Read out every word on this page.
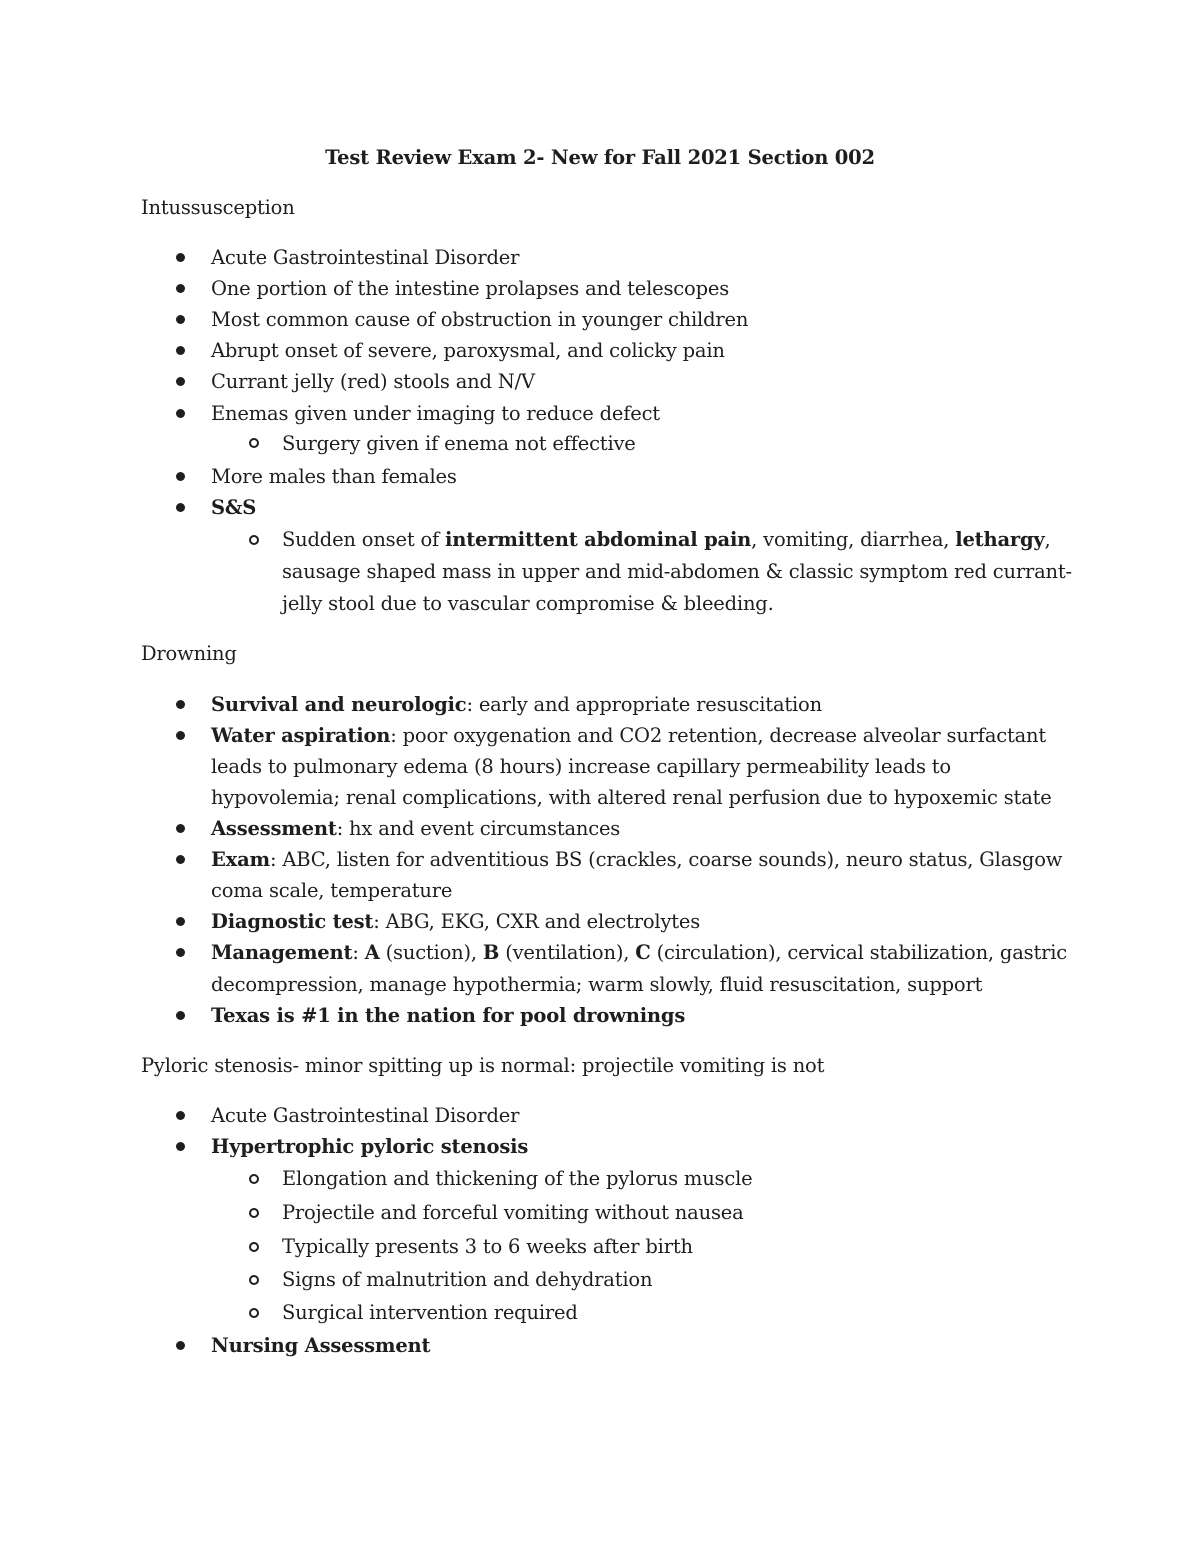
Test Review Exam 2- New for Fall 2021 Section 002
Intussusception
Acute Gastrointestinal Disorder
One portion of the intestine prolapses and telescopes
Most common cause of obstruction in younger children
Abrupt onset of severe, paroxysmal, and colicky pain
Currant jelly (red) stools and N/V
Enemas given under imaging to reduce defect
Surgery given if enema not effective
More males than females
S&S
Sudden onset of intermittent abdominal pain, vomiting, diarrhea, lethargy,
sausage shaped mass in upper and mid-abdomen & classic symptom red currant-
jelly stool due to vascular compromise & bleeding.
Drowning
Survival and neurologic: early and appropriate resuscitation
Water aspiration: poor oxygenation and CO2 retention, decrease alveolar surfactant
leads to pulmonary edema (8 hours) increase capillary permeability leads to
hypovolemia; renal complications, with altered renal perfusion due to hypoxemic state
Assessment: hx and event circumstances
Exam: ABC, listen for adventitious BS (crackles, coarse sounds), neuro status, Glasgow
coma scale, temperature
Diagnostic test: ABG, EKG, CXR and electrolytes
Management: A (suction), B (ventilation), C (circulation), cervical stabilization, gastric
decompression, manage hypothermia; warm slowly, fluid resuscitation, support
Texas is #1 in the nation for pool drownings
Pyloric stenosis- minor spitting up is normal: projectile vomiting is not
Acute Gastrointestinal Disorder
Hypertrophic pyloric stenosis
Elongation and thickening of the pylorus muscle
Projectile and forceful vomiting without nausea
Typically presents 3 to 6 weeks after birth
Signs of malnutrition and dehydration
Surgical intervention required
Nursing Assessment
